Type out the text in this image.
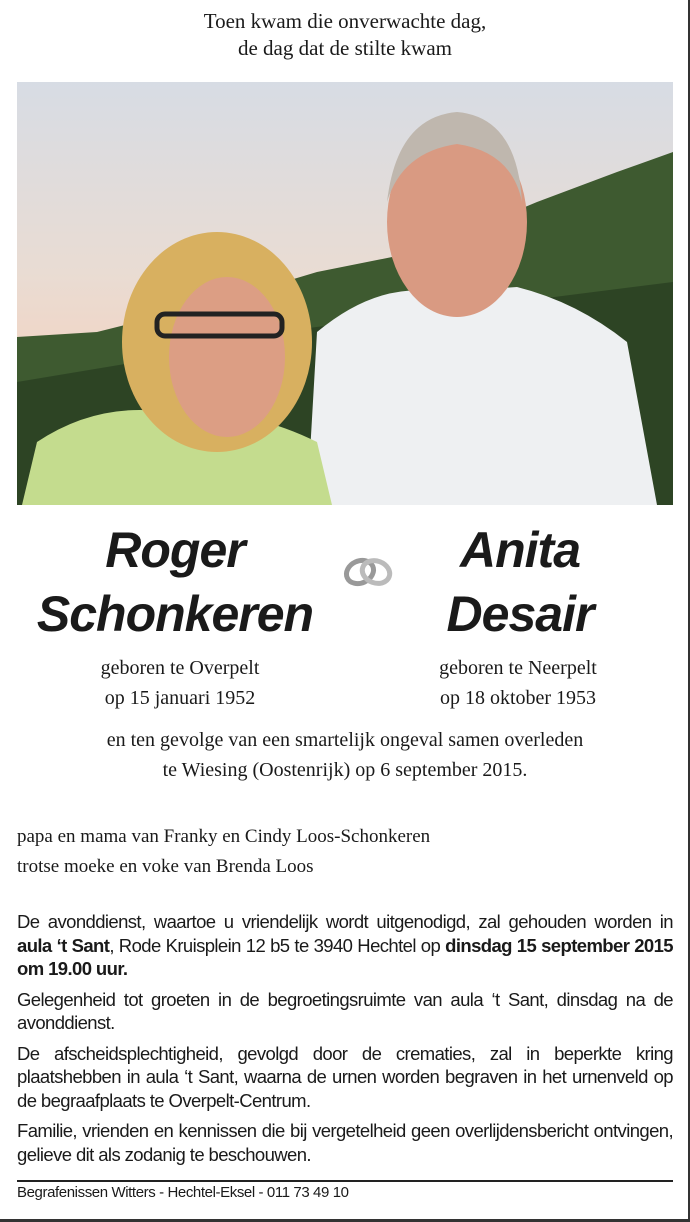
Toen kwam die onverwachte dag,
de dag dat de stilte kwam
Roger
Schonkeren
Anita
Desair
geboren te Overpelt
op 15 januari 1952
geboren te Neerpelt
op 18 oktober 1953
en ten gevolge van een smartelijk ongeval samen overleden
te Wiesing (Oostenrijk) op 6 september 2015.
papa en mama van Franky en Cindy Loos-Schonkeren
trotse moeke en voke van Brenda Loos

De avonddienst, waartoe u vriendelijk wordt uitgenodigd, zal gehouden worden in aula ‘t Sant, Rode Kruisplein 12 b5 te 3940 Hechtel op dinsdag 15 september 2015 om 19.00 uur.

Gelegenheid tot groeten in de begroetingsruimte van aula ‘t Sant, dinsdag na de avonddienst.

De afscheidsplechtigheid, gevolgd door de crematies, zal in beperkte kring plaatshebben in aula ‘t Sant, waarna de urnen worden begraven in het urnenveld op de begraafplaats te Overpelt-Centrum.

Familie, vrienden en kennissen die bij vergetelheid geen overlijdensbericht ontvingen, gelieve dit als zodanig te beschouwen.

Begrafenissen Witters - Hechtel-Eksel - 011 73 49 10
